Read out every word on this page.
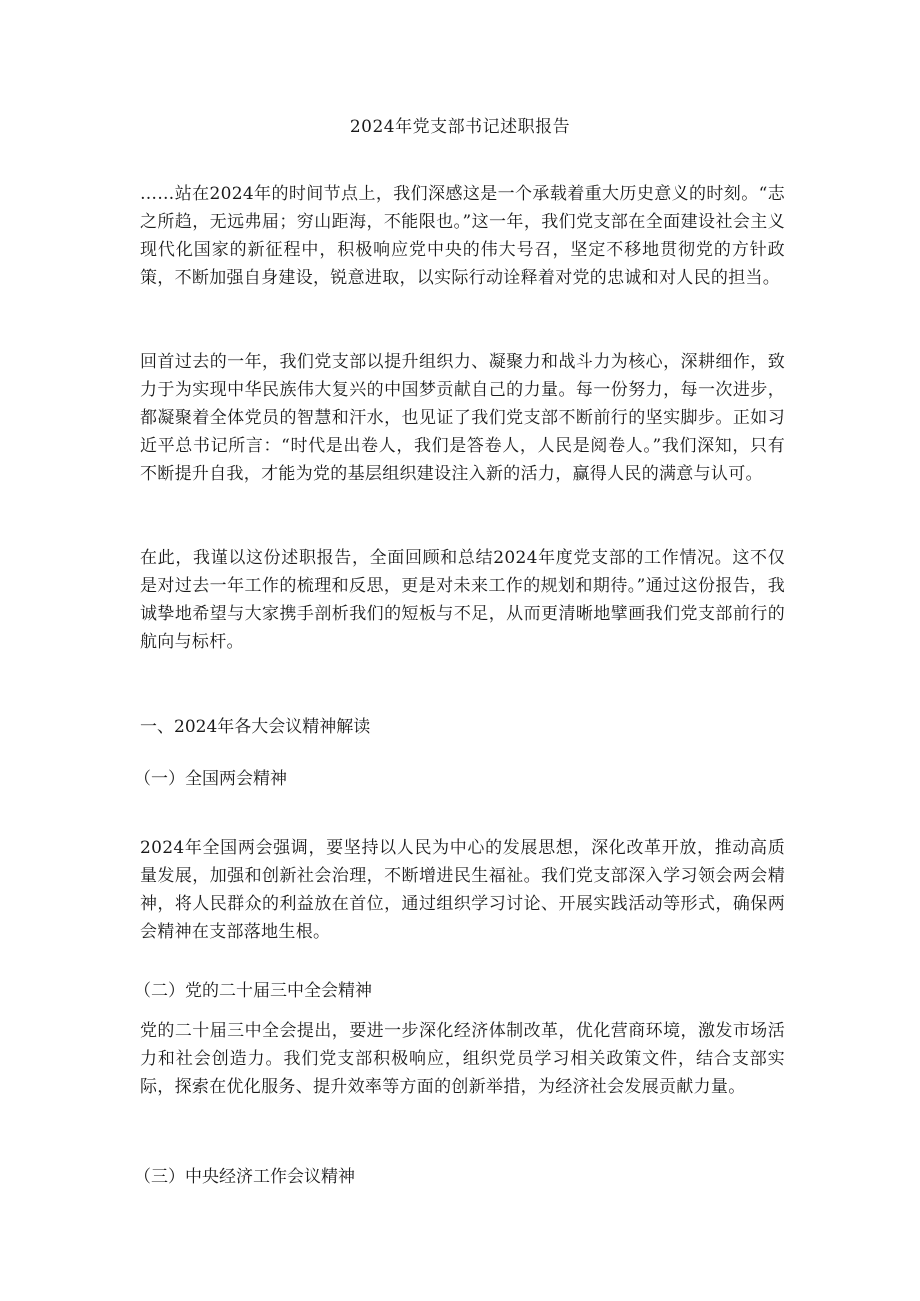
2024年党支部书记述职报告

……站在2024年的时间节点上，我们深感这是一个承载着重大历史意义的时刻。“志之所趋，无远弗届；穷山距海，不能限也。”这一年，我们党支部在全面建设社会主义现代化国家的新征程中，积极响应党中央的伟大号召，坚定不移地贯彻党的方针政策，不断加强自身建设，锐意进取，以实际行动诠释着对党的忠诚和对人民的担当。

回首过去的一年，我们党支部以提升组织力、凝聚力和战斗力为核心，深耕细作，致力于为实现中华民族伟大复兴的中国梦贡献自己的力量。每一份努力，每一次进步，都凝聚着全体党员的智慧和汗水，也见证了我们党支部不断前行的坚实脚步。正如习近平总书记所言：“时代是出卷人，我们是答卷人，人民是阅卷人。”我们深知，只有不断提升自我，才能为党的基层组织建设注入新的活力，赢得人民的满意与认可。

在此，我谨以这份述职报告，全面回顾和总结2024年度党支部的工作情况。这不仅是对过去一年工作的梳理和反思，更是对未来工作的规划和期待。”通过这份报告，我诚挚地希望与大家携手剖析我们的短板与不足，从而更清晰地擘画我们党支部前行的航向与标杆。

一、2024年各大会议精神解读
（一）全国两会精神

2024年全国两会强调，要坚持以人民为中心的发展思想，深化改革开放，推动高质量发展，加强和创新社会治理，不断增进民生福祉。我们党支部深入学习领会两会精神，将人民群众的利益放在首位，通过组织学习讨论、开展实践活动等形式，确保两会精神在支部落地生根。

（二）党的二十届三中全会精神

党的二十届三中全会提出，要进一步深化经济体制改革，优化营商环境，激发市场活力和社会创造力。我们党支部积极响应，组织党员学习相关政策文件，结合支部实际，探索在优化服务、提升效率等方面的创新举措，为经济社会发展贡献力量。

（三）中央经济工作会议精神
